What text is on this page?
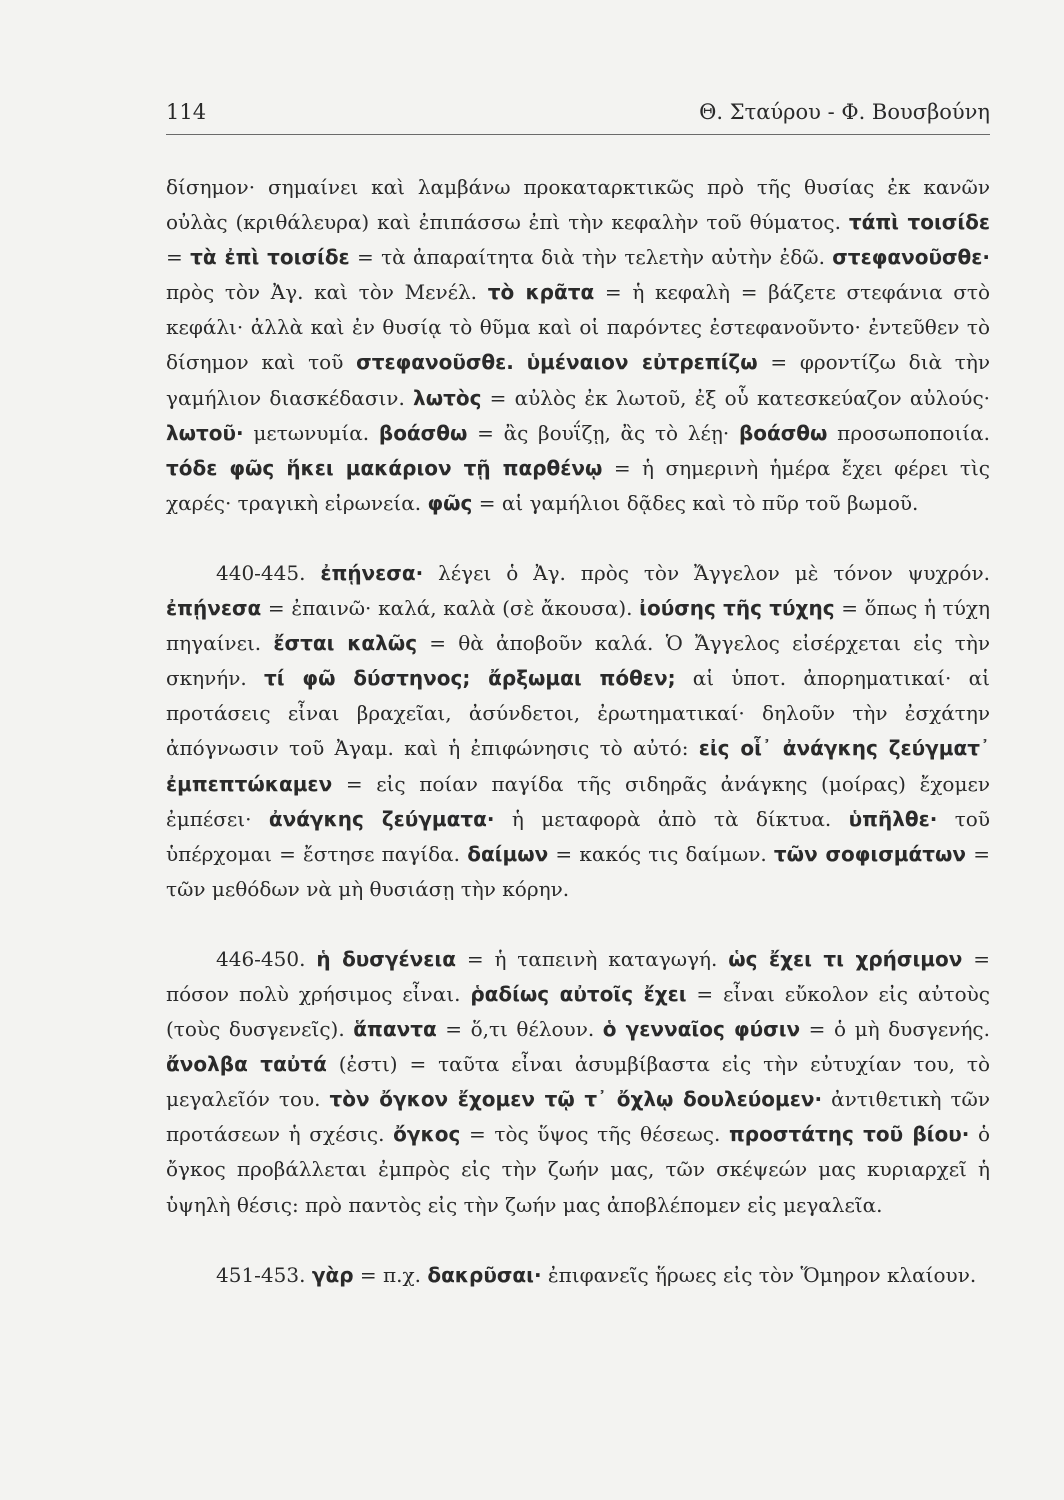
114	Θ. Σταύρου - Φ. Βουσβούνη

δίσημον· σημαίνει καὶ λαμβάνω προκαταρκτικῶς πρὸ τῆς θυσίας ἐκ κανῶν οὐλὰς (κριθάλευρα) καὶ ἐπιπάσσω ἐπὶ τὴν κεφαλὴν τοῦ θύματος. τάπὶ τοισίδε = τὰ ἐπὶ τοισίδε = τὰ ἀπαραίτητα διὰ τὴν τελετὴν αὐτὴν ἐδῶ. στεφανοῦσθε· πρὸς τὸν Ἀγ. καὶ τὸν Μενέλ. τὸ κρᾶτα = ἡ κεφαλὴ = βάζετε στεφάνια στὸ κεφάλι· ἀλλὰ καὶ ἐν θυσίᾳ τὸ θῦμα καὶ οἱ παρόντες ἐστεφανοῦντο· ἐντεῦθεν τὸ δίσημον καὶ τοῦ στεφανοῦσθε. ὑμέναιον εὐτρεπίζω = φροντίζω διὰ τὴν γαμήλιον διασκέδασιν. λωτὸς = αὐλὸς ἐκ λωτοῦ, ἐξ οὗ κατεσκεύαζον αὐλούς· λωτοῦ· μετωνυμία. βοάσθω = ἂς βουΐζῃ, ἂς τὸ λέῃ· βοάσθω προσωποποιία. τόδε φῶς ἥκει μακάριον τῇ παρθένῳ = ἡ σημερινὴ ἡμέρα ἔχει φέρει τὶς χαρές· τραγικὴ εἰρωνεία. φῶς = αἱ γαμήλιοι δᾷδες καὶ τὸ πῦρ τοῦ βωμοῦ.

440-445. ἐπῄνεσα· λέγει ὁ Ἀγ. πρὸς τὸν Ἄγγελον μὲ τόνον ψυχρόν. ἐπῄνεσα = ἐπαινῶ· καλά, καλὰ (σὲ ἄκουσα). ἰούσης τῆς τύχης = ὅπως ἡ τύχη πηγαίνει. ἔσται καλῶς = θὰ ἀποβοῦν καλά. Ὁ Ἄγγελος εἰσέρχεται εἰς τὴν σκηνήν. τί φῶ δύστηνος; ἄρξωμαι πόθεν; αἱ ὑποτ. ἀπορηματικαί· αἱ προτάσεις εἶναι βραχεῖαι, ἀσύνδετοι, ἐρωτηματικαί· δηλοῦν τὴν ἐσχάτην ἀπόγνωσιν τοῦ Ἀγαμ. καὶ ἡ ἐπιφώνησις τὸ αὐτό: εἰς οἷ᾽ ἀνάγκης ζεύγματ᾽ ἐμπεπτώκαμεν = εἰς ποίαν παγίδα τῆς σιδηρᾶς ἀνάγκης (μοίρας) ἔχομεν ἐμπέσει· ἀνάγκης ζεύγματα· ἡ μεταφορὰ ἀπὸ τὰ δίκτυα. ὑπῆλθε· τοῦ ὑπέρχομαι = ἔστησε παγίδα. δαίμων = κακός τις δαίμων. τῶν σοφισμάτων = τῶν μεθόδων νὰ μὴ θυσιάσῃ τὴν κόρην.

446-450. ἡ δυσγένεια = ἡ ταπεινὴ καταγωγή. ὡς ἔχει τι χρήσιμον = πόσον πολὺ χρήσιμος εἶναι. ῥαδίως αὐτοῖς ἔχει = εἶναι εὔκολον εἰς αὐτοὺς (τοὺς δυσγενεῖς). ἅπαντα = ὅ,τι θέλουν. ὁ γενναῖος φύσιν = ὁ μὴ δυσγενής. ἄνολβα ταὐτά (ἐστι) = ταῦτα εἶναι ἀσυμβίβαστα εἰς τὴν εὐτυχίαν του, τὸ μεγαλεῖόν του. τὸν ὄγκον ἔχομεν τῷ τ᾽ ὄχλῳ δουλεύομεν· ἀντιθετικὴ τῶν προτάσεων ἡ σχέσις. ὄγκος = τὸς ὕψος τῆς θέσεως. προστάτης τοῦ βίου· ὁ ὄγκος προβάλλεται ἐμπρὸς εἰς τὴν ζωήν μας, τῶν σκέψεών μας κυριαρχεῖ ἡ ὑψηλὴ θέσις: πρὸ παντὸς εἰς τὴν ζωήν μας ἀποβλέπομεν εἰς μεγαλεῖα.

451-453. γὰρ = π.χ. δακρῦσαι· ἐπιφανεῖς ἥρωες εἰς τὸν Ὅμηρον κλαίουν.
